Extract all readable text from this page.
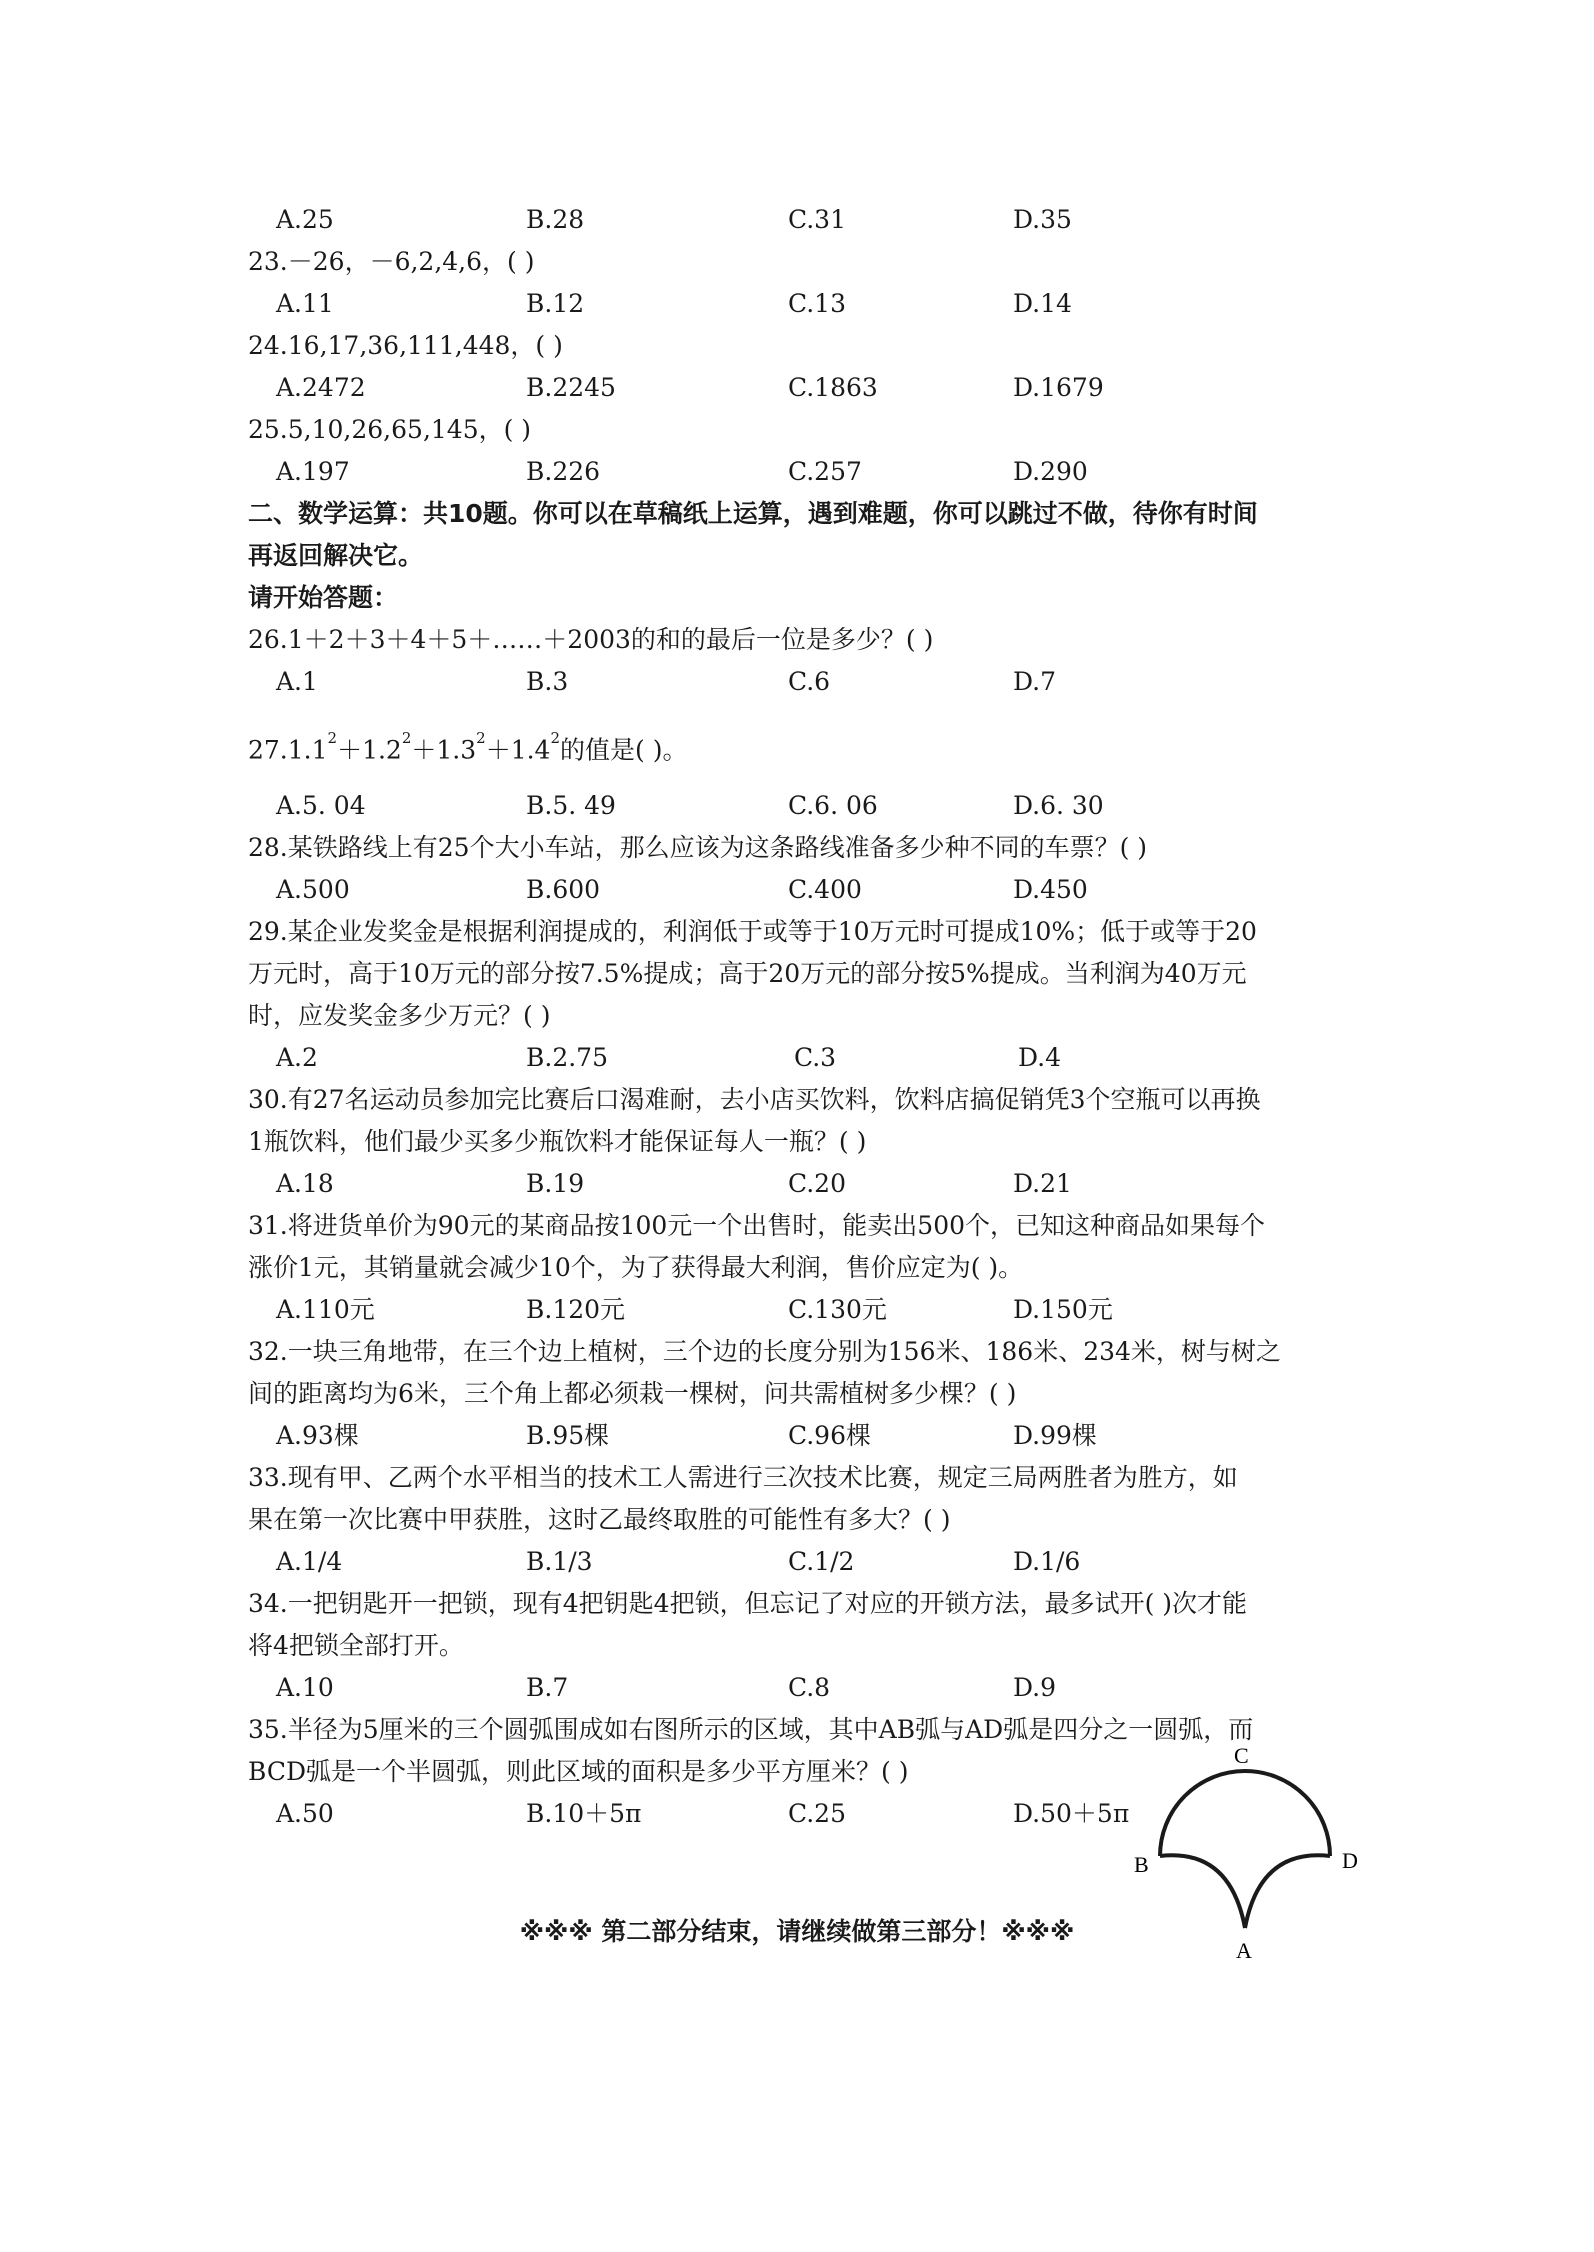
A.25	B.28	C.31	D.35
23.－26，－6,2,4,6，( )
A.11	B.12	C.13	D.14
24.16,17,36,111,448，( )
A.2472	B.2245	C.1863	D.1679
25.5,10,26,65,145，( )
A.197	B.226	C.257	D.290
二、数学运算：共10题。你可以在草稿纸上运算，遇到难题，你可以跳过不做，待你有时间
再返回解决它。
请开始答题：
26.1＋2＋3＋4＋5＋……＋2003的和的最后一位是多少？( )
A.1	B.3	C.6	D.7
$27.1.1^2+1.2^2+1.3^2+1.4^2$的值是( )。
A.5. 04	B.5. 49	C.6. 06	D.6. 30
28.某铁路线上有25个大小车站，那么应该为这条路线准备多少种不同的车票？( )
A.500	B.600	C.400	D.450
29.某企业发奖金是根据利润提成的，利润低于或等于10万元时可提成10%；低于或等于20
万元时，高于10万元的部分按7.5%提成；高于20万元的部分按5%提成。当利润为40万元
时，应发奖金多少万元？( )
A.2	B.2.75	C.3	D.4
30.有27名运动员参加完比赛后口渴难耐，去小店买饮料，饮料店搞促销凭3个空瓶可以再换
1瓶饮料，他们最少买多少瓶饮料才能保证每人一瓶？( )
A.18	B.19	C.20	D.21
31.将进货单价为90元的某商品按100元一个出售时，能卖出500个，已知这种商品如果每个
涨价1元，其销量就会减少10个，为了获得最大利润，售价应定为( )。
A.110元	B.120元	C.130元	D.150元
32.一块三角地带，在三个边上植树，三个边的长度分别为156米、186米、234米，树与树之
间的距离均为6米，三个角上都必须栽一棵树，问共需植树多少棵？( )
A.93棵	B.95棵	C.96棵	D.99棵
33.现有甲、乙两个水平相当的技术工人需进行三次技术比赛，规定三局两胜者为胜方，如
果在第一次比赛中甲获胜，这时乙最终取胜的可能性有多大？( )
A.1/4	B.1/3	C.1/2	D.1/6
34.一把钥匙开一把锁，现有4把钥匙4把锁，但忘记了对应的开锁方法，最多试开( )次才能
将4把锁全部打开。
A.10	B.7	C.8	D.9
35.半径为5厘米的三个圆弧围成如右图所示的区域，其中AB弧与AD弧是四分之一圆弧，而
BCD弧是一个半圆弧，则此区域的面积是多少平方厘米？( )
A.50	B.10＋5π	C.25	D.50＋5π
C
B	D
A
※※※ 第二部分结束，请继续做第三部分！※※※
